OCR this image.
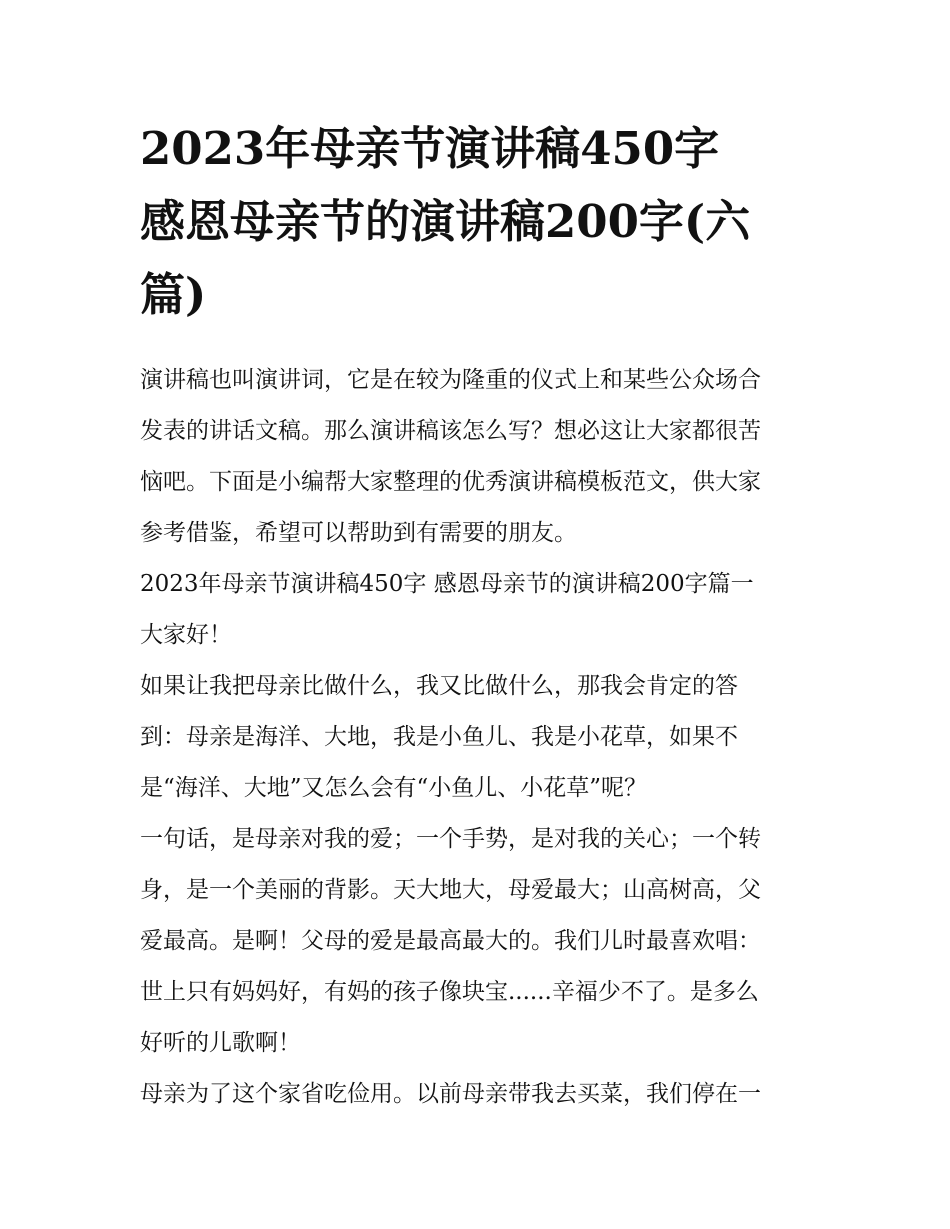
2023年母亲节演讲稿450字
感恩母亲节的演讲稿200字(六
篇)

演讲稿也叫演讲词，它是在较为隆重的仪式上和某些公众场合
发表的讲话文稿。那么演讲稿该怎么写？想必这让大家都很苦
恼吧。下面是小编帮大家整理的优秀演讲稿模板范文，供大家
参考借鉴，希望可以帮助到有需要的朋友。

2023年母亲节演讲稿450字 感恩母亲节的演讲稿200字篇一

大家好！

如果让我把母亲比做什么，我又比做什么，那我会肯定的答
到：母亲是海洋、大地，我是小鱼儿、我是小花草，如果不
是“海洋、大地”又怎么会有“小鱼儿、小花草”呢？

一句话，是母亲对我的爱；一个手势，是对我的关心；一个转
身，是一个美丽的背影。天大地大，母爱最大；山高树高，父
爱最高。是啊！父母的爱是最高最大的。我们儿时最喜欢唱：
世上只有妈妈好，有妈的孩子像块宝......辛福少不了。是多么
好听的儿歌啊！

母亲为了这个家省吃俭用。以前母亲带我去买菜，我们停在一
